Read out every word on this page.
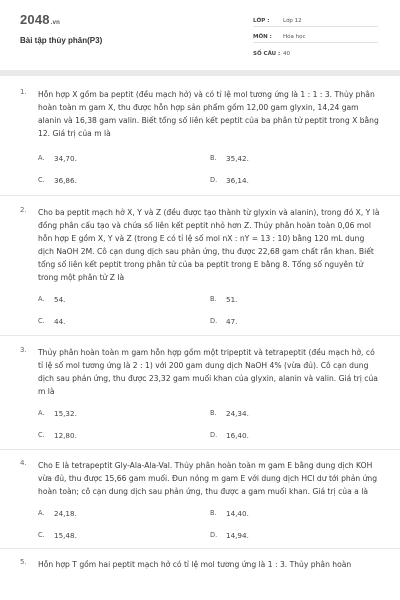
2048.vn
Bài tập thủy phân(P3)
LỚP :	Lớp 12
MÔN :	Hóa học
SỐ CÂU : 40
1. Hỗn hợp X gồm ba peptit (đều mạch hở) và có tỉ lệ mol tương ứng là 1 : 1 : 3. Thủy phân hoàn toàn m gam X, thu được hỗn hợp sản phẩm gồm 12,00 gam glyxin, 14,24 gam alanin và 16,38 gam valin. Biết tổng số liên kết peptit của ba phân tử peptit trong X bằng 12. Giá trị của m là
A.	34,70.	B.	35,42.
C.	36,86.	D.	36,14.
2. Cho ba peptit mạch hở X, Y và Z (đều được tạo thành từ glyxin và alanin), trong đó X, Y là đồng phân cấu tạo và chứa số liên kết peptit nhỏ hơn Z. Thủy phân hoàn toàn 0,06 mol hỗn hợp E gồm X, Y và Z (trong E có tỉ lệ số mol nX : nY = 13 : 10) bằng 120 mL dung dịch NaOH 2M. Cô cạn dung dịch sau phản ứng, thu được 22,68 gam chất rắn khan. Biết tổng số liên kết peptit trong phân tử của ba peptit trong E bằng 8. Tổng số nguyên tử trong một phân tử Z là
A.	54.	B.	51.
C.	44.	D.	47.
3. Thủy phân hoàn toàn m gam hỗn hợp gồm một tripeptit và tetrapeptit (đều mạch hở, có tỉ lệ số mol tương ứng là 2 : 1) với 200 gam dung dịch NaOH 4% (vừa đủ). Cô cạn dung dịch sau phản ứng, thu được 23,32 gam muối khan của glyxin, alanin và valin. Giá trị của m là
A.	15,32.	B.	24,34.
C.	12,80.	D.	16,40.
4. Cho E là tetrapeptit Gly-Ala-Ala-Val. Thủy phân hoàn toàn m gam E bằng dung dịch KOH vừa đủ, thu được 15,66 gam muối. Đun nóng m gam E với dung dịch HCl dư tới phản ứng hoàn toàn; cô cạn dung dịch sau phản ứng, thu được a gam muối khan. Giá trị của a là
A.	24,18.	B.	14,40.
C.	15,48.	D.	14,94.
5. Hỗn hợp T gồm hai peptit mạch hở có tỉ lệ mol tương ứng là 1 : 3. Thủy phân hoàn
